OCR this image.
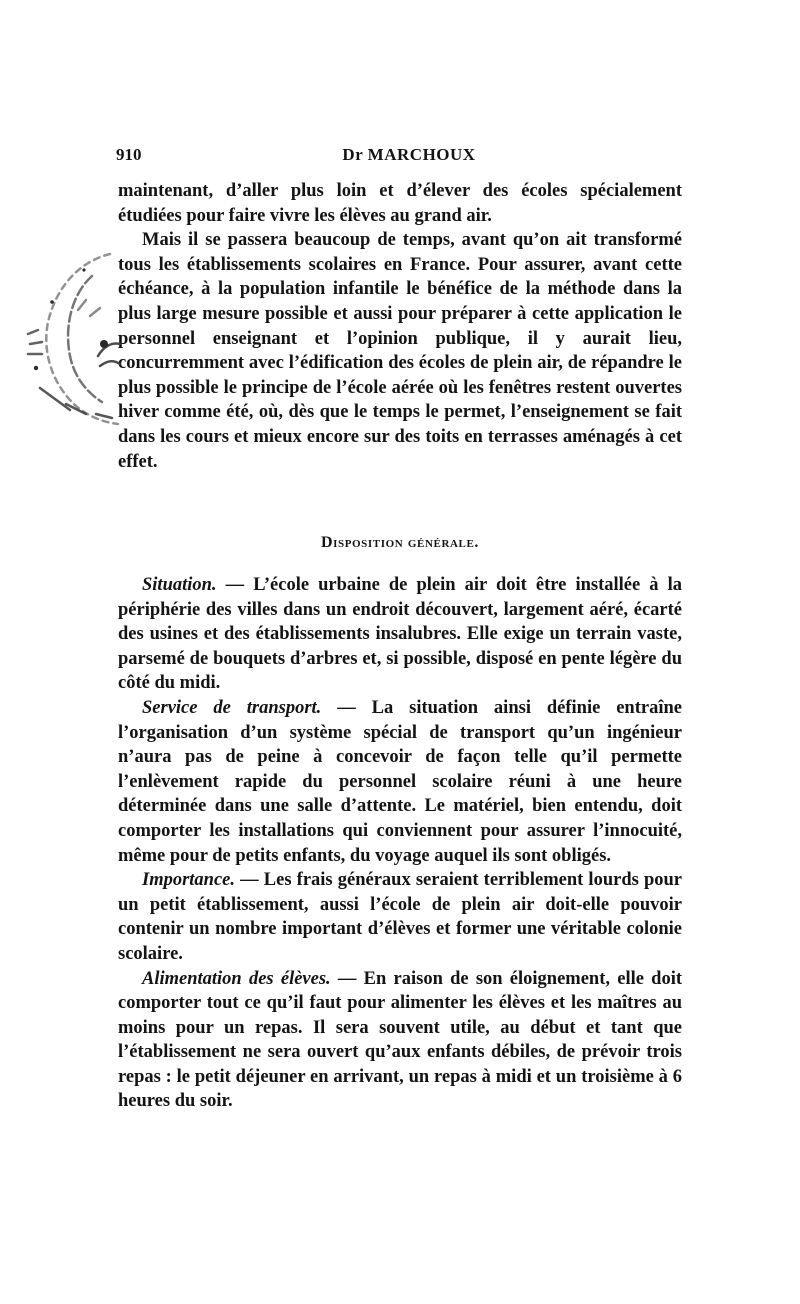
910	Dr MARCHOUX

maintenant, d’aller plus loin et d’élever des écoles spécialement étudiées pour faire vivre les élèves au grand air.

Mais il se passera beaucoup de temps, avant qu’on ait transformé tous les établissements scolaires en France. Pour assurer, avant cette échéance, à la population infantile le bénéfice de la méthode dans la plus large mesure possible et aussi pour préparer à cette application le personnel enseignant et l’opinion publique, il y aurait lieu, concurremment avec l’édification des écoles de plein air, de répandre le plus possible le principe de l’école aérée où les fenêtres restent ouvertes hiver comme été, où, dès que le temps le permet, l’enseignement se fait dans les cours et mieux encore sur des toits en terrasses aménagés à cet effet.

Disposition générale.

Situation. — L’école urbaine de plein air doit être installée à la périphérie des villes dans un endroit découvert, largement aéré, écarté des usines et des établissements insalubres. Elle exige un terrain vaste, parsemé de bouquets d’arbres et, si possible, disposé en pente légère du côté du midi.

Service de transport. — La situation ainsi définie entraîne l’organisation d’un système spécial de transport qu’un ingénieur n’aura pas de peine à concevoir de façon telle qu’il permette l’enlèvement rapide du personnel scolaire réuni à une heure déterminée dans une salle d’attente. Le matériel, bien entendu, doit comporter les installations qui conviennent pour assurer l’innocuité, même pour de petits enfants, du voyage auquel ils sont obligés.

Importance. — Les frais généraux seraient terriblement lourds pour un petit établissement, aussi l’école de plein air doit-elle pouvoir contenir un nombre important d’élèves et former une véritable colonie scolaire.

Alimentation des élèves. — En raison de son éloignement, elle doit comporter tout ce qu’il faut pour alimenter les élèves et les maîtres au moins pour un repas. Il sera souvent utile, au début et tant que l’établissement ne sera ouvert qu’aux enfants débiles, de prévoir trois repas : le petit déjeuner en arrivant, un repas à midi et un troisième à 6 heures du soir.
